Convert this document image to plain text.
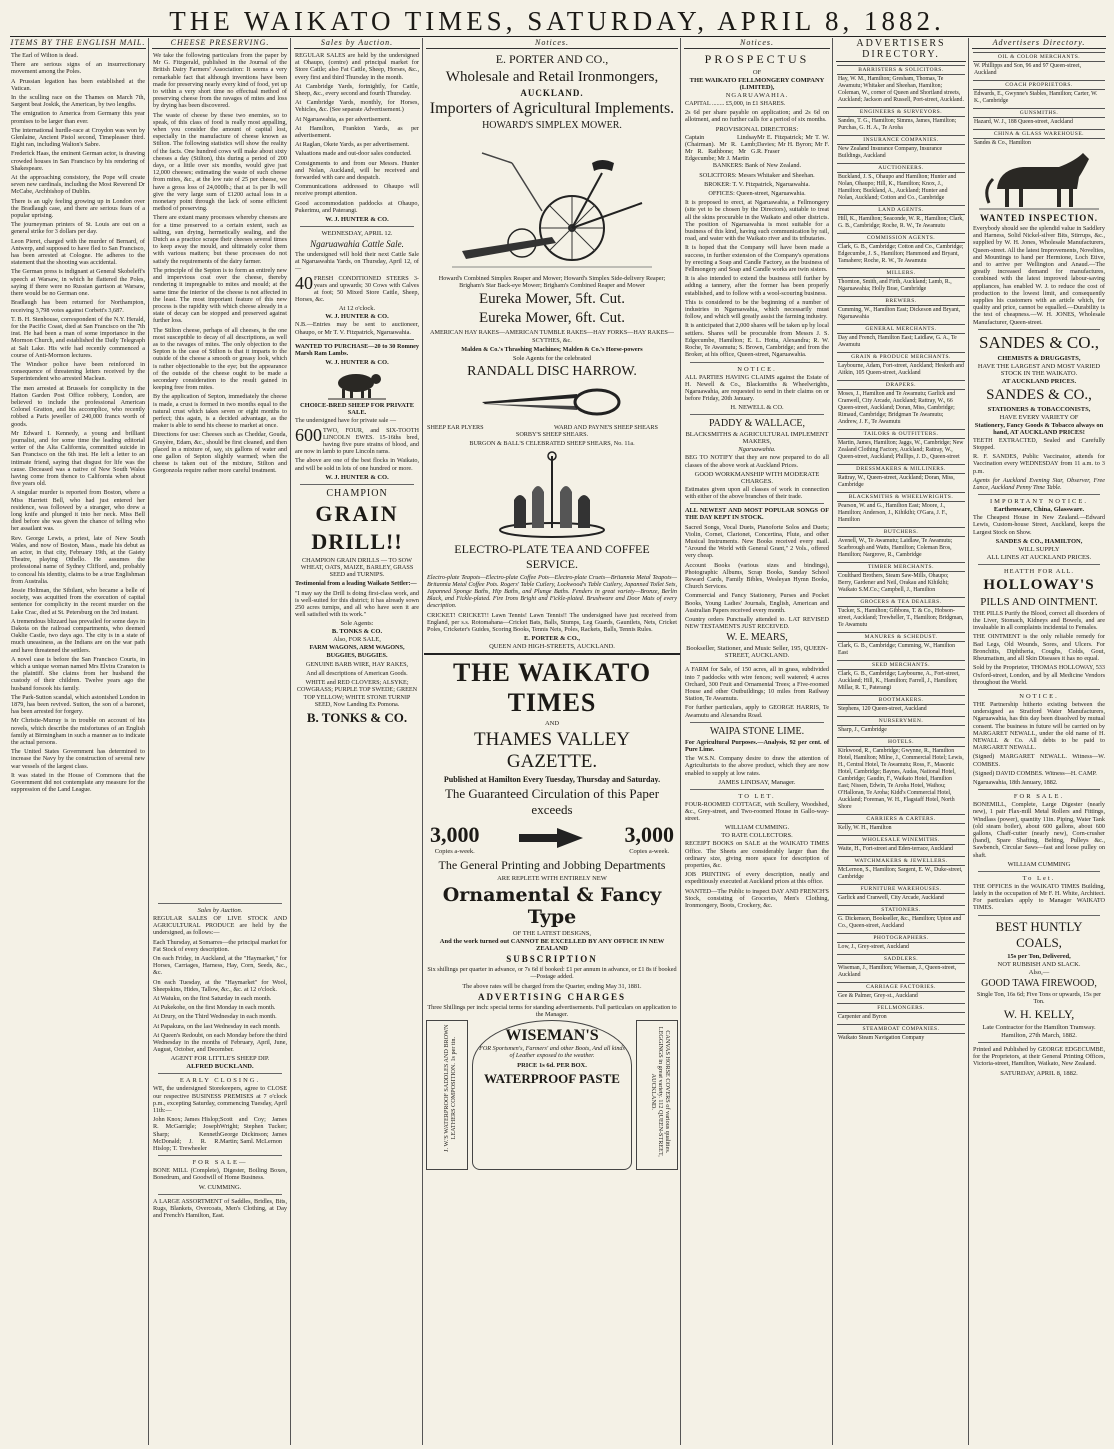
THE WAIKATO TIMES, SATURDAY, APRIL 8, 1882.
ITEMS BY THE ENGLISH MAIL.

The Earl of Wilton is dead.

There are serious signs of an insurrectionary movement among the Poles.

A Prussian legation has been established at the Vatican.

In the sculling race on the Thames on March 7th, Sargent beat Joskik, the American, by two lengths.

The emigration to America from Germany this year promises to be larger than ever.

The international hurdle-race at Croydon was won by Glenlaine, Ancient Pistol second, Timepleaser third. Eight ran, including Walton's Sabre.

Frederick Haas, the eminent German actor, is drawing crowded houses in San Francisco by his rendering of Shakespeare.

At the approaching consistory, the Pope will create seven new cardinals, including the Most Reverend Dr McCabe, Archbishop of Dublin.

There is an ugly feeling growing up in London over the Bradlaugh case, and there are serious fears of a popular uprising.

The journeyman printers of St. Louis are out on a general strike for 3 dollars per day.

Leon Pieret, charged with the murder of Bernard, of Antwerp, and supposed to have fled to San Francisco, has been arrested at Cologne. He adheres to the statement that the shooting was accidental.

The German press is indignant at General Skobeleff's speech at Warsaw, in which he flattered the Poles, saying if there were no Russian garrison at Warsaw, there would be no German one.

Bradlaugh has been returned for Northampton, receiving 3,798 votes against Corbett's 3,687.

T. B. H. Stenhouse, correspondent of the N.Y. Herald, for the Pacific Coast, died at San Francisco on the 7th inst. He had been a man of some importance in the Mormon Church, and established the Daily Telegraph at Salt Lake. His wife had recently commenced a course of Anti-Mormon lectures.

The Windsor police have been reinforced in consequence of threatening letters received by the Superintendent who arrested Maclean.

The men arrested at Brussels for complicity in the Hatton Garden Post Office robbery, London, are believed to include the professional American Colonel Gratton, and his accomplice, who recently robbed a Paris jeweller of 240,000 francs worth of goods.

Mr Edward I. Kennedy, a young and brilliant journalist, and for some time the leading editorial writer of the Alta California, committed suicide in San Francisco on the 6th inst. He left a letter to an intimate friend, saying that disgust for life was the cause. Deceased was a native of New South Wales having come from thence to California when about five years old.

A singular murder is reported from Boston, where a Miss Harriett Bell, who had just entered her residence, was followed by a stranger, who drew a long knife and plunged it into her neck. Miss Bell died before she was given the chance of telling who her assailant was.

Rev. George Lewis, a priest, late of New South Wales, and now of Boston, Mass., made his debut as an actor, in that city, February 19th, at the Gaiety Theatre, playing Othello. He assumes the professional name of Sydney Clifford, and, probably to conceal his identity, claims to be a true Englishman from Australia.

Jessie Holtman, the Sibilant, who became a belle of society, was acquitted from the execution of capital sentence for complicity in the recent murder on the Lake Crac, died at St. Petersburg on the 3rd instant.

A tremendous blizzard has prevailed for some days in Dakota on the railroad compartments, who deemed Oaklie Castle, two days ago. The city is in a state of much uneasiness, as the Indians are on the war path and have threatened the settlers.

A novel case is before the San Francisco Courts, in which a unique woman named Mrs Elvira Cranston is the plaintiff. She claims from her husband the custody of their children. Twelve years ago the husband forsook his family.

The Park-Sutton scandal, which astonished London in 1879, has been revived. Sutton, the son of a baronet, has been arrested for forgery.

Mr Christie-Murray is in trouble on account of his novels, which describe the misfortunes of an English family at Birmingham in such a manner as to indicate the actual persons.

The United States Government has determined to increase the Navy by the construction of several new war vessels of the largest class.

It was stated in the House of Commons that the Government did not contemplate any measure for the suppression of the Land League.

CHEESE PRESERVING.

We take the following particulars from the paper by Mr G. Fitzgerald, published in the Journal of the British Dairy Farmers' Association: It seems a very remarkable fact that although inventions have been made for preserving nearly every kind of food, yet up to within a very short time no effectual method of preserving cheese from the ravages of mites and loss by drying has been discovered.

The waste of cheese by these two enemies, so to speak, of this class of food is really most appalling, when you consider the amount of capital lost, especially in the manufacture of cheese known as Stilton. The following statistics will show the reality of the facts. One hundred cows will make about sixty cheeses a day (Stilton), this during a period of 200 days, or a little over six months, would give just 12,000 cheeses; estimating the waste of such cheese from mites, &c., at the low rate of 25 per cheese, we have a gross loss of 24,000lb.; that at 1s per lb will give the very large sum of £1200 actual loss in a monetary point through the lack of some efficient method of preserving.

There are extant many processes whereby cheeses are for a time preserved to a certain extent, such as salting, sun drying, hermetically sealing, and the Dutch as a practice scrape their cheeses several times to keep away the mould, and ultimately color them with various matters; but these processes do not satisfy the requirements of the dairy farmer.

The principle of the Septon is to form an entirely new and impervious coat over the cheese, thereby rendering it impregnable to mites and mould; at the same time the interior of the cheese is not affected in the least. The most important feature of this new process is the rapidity with which cheese already in a state of decay can be stopped and preserved against further loss.

The Stilton cheese, perhaps of all cheeses, is the one most susceptible to decay of all descriptions, as well as to the ravages of mites. The only objection to the Septon is the case of Stilton is that it imparts to the outside of the cheese a smooth or greasy look, which is rather objectionable to the eye; but the appearance of the outside of the cheese ought to be made a secondary consideration to the result gained in keeping free from mites.

By the application of Septon, immediately the cheese is made, a crust is formed in two months equal to the natural crust which takes seven or eight months to perfect; this again, is a decided advantage, as the maker is able to send his cheese to market at once.

Directions for use: Cheeses such as Cheddar, Gouda, Gruyère, Edam, &c., should be first cleaned, and then placed in a mixture of, say, six gallons of water and one gallon of Septon slightly warmed; when the cheese is taken out of the mixture, Stilton and Gorgonzola require rather more careful treatment.

Sales by Auction.

REGULAR SALES are held by the undersigned at Ohaupo, (centre) and principal market for Store Cattle; also Fat Cattle, Sheep, Horses, &c., every first and third Thursday in the month.

At Cambridge Yards, fortnightly, for Cattle, Sheep, &c., every second and fourth Thursday.

At Cambridge Yards, monthly, for Horses, Vehicles, &c. (See separate Advertisement.)

At Ngaruawahia, as per advertisement.

At Hamilton, Frankton Yards, as per advertisement.

At Raglan, Okete Yards, as per advertisement.

Valuations made and out-door sales conducted.

Consignments to and from our Messrs. Hunter and Nolan, Auckland, will be received and forwarded with care and despatch.

Communications addressed to Ohaupo will receive prompt attention.

Good accommodation paddocks at Ohaupo, Pukerimu, and Paterangi.

W. J. HUNTER & CO.
WEDNESDAY, APRIL 12.
Ngaruawahia Cattle Sale.

The undersigned will hold their next Cattle Sale at Ngaruawahia Yards, on Thursday, April 12, of —

40 FRESH CONDITIONED STEERS 3-years and upwards; 30 Cows with Calves at foot; 50 Mixed Store Cattle, Sheep, Horses, &c.
At 12 o'clock.
W. J. HUNTER & CO.

N.B.—Entries may be sent to auctioneer, Ohaupo, or Mr T. V. Fitzpatrick, Ngaruawahia.

WANTED TO PURCHASE—20 to 30 Romney Marsh Ram Lambs.

W. J. HUNTER & CO.
CHOICE-BRED SHEEP FOR PRIVATE SALE.

The undersigned have for private sale —

600 TWO, FOUR, and SIX-TOOTH LINCOLN EWES. 15-16ths bred, having five pure strains of blood, and are now in lamb to pure Lincoln rams.

The above are one of the best flocks in Waikato, and will be sold in lots of one hundred or more.

W. J. HUNTER & CO.
CHAMPION
GRAIN
DRILL!!

CHAMPION GRAIN DRILLS — TO SOW WHEAT, OATS, MAIZE, BARLEY, GRASS SEED and TURNIPS.

Testimonial from a leading Waikato Settler:—

"I may say the Drill is doing first-class work, and is well-suited for this district; it has already sown 250 acres turnips, and all who have seen it are well satisfied with its work."

Sole Agents:
B. TONKS & CO.
Also, FOR SALE,

FARM WAGONS, ARM WAGONS, BUGGIES, BUGGIES.

GENUINE BARB WIRE, HAY RAKES,

And all descriptions of American Goods.

WHITE and RED CLOVERS; ALSYKE; COWGRASS; PURPLE TOP SWEDE; GREEN TOP YELLOW; WHITE STONE TURNIP SEED, Now Landing Ex Pomona.

B. TONKS & CO.
Sales by Auction.

REGULAR SALES OF LIVE STOCK AND AGRICULTURAL PRODUCE are held by the undersigned, as follows:—

Each Thursday, at Somarres—the principal market for Fat Stock of every description.

On each Friday, in Auckland, at the "Haymarket," for Horses, Carriages, Harness, Hay, Corn, Seeds, &c., &c.

On each Tuesday, at the "Haymarket" for Wool, Sheepskins, Hides, Tallow, &c., &c. at 12 o'clock.

At Waiuku, on the first Saturday in each month.

At Pukekohe, on the first Monday in each month.

At Drury, on the Third Wednesday in each month.

At Papakura, on the last Wednesday in each month.

At Queen's Redoubt, on each Monday before the third Wednesday in the months of February, April, June, August, October, and December.

AGENT FOR LITTLE'S SHEEP DIP.
ALFRED BUCKLAND.
EARLY CLOSING.

WE, the undersigned Storekeepers, agree to CLOSE our respective BUSINESS PREMISES at 7 o'clock p.m., excepting Saturday, commencing Tuesday, April 11th:—

John Knox; James Hislop; R. McGarrigle; Joseph Sharp; Kenneth McDonald; J. R. R. Hislop; T. Trewheeler
Scott and Coy; James Wright; Stephen Tucker; George Dickinson; James Martin; Saml. McLernon
FOR SALE—

BONE MILL (Complete), Digester, Boiling Boxes, Bonedrum, and Goodwill of Home Business.

W. CUMMING.

A LARGE ASSORTMENT of Saddles, Bridles, Bits, Rugs, Blankets, Overcoats, Men's Clothing, at Day and French's Hamilton, East.

Notices.
E. PORTER AND CO.,
Wholesale and Retail Ironmongers,
AUCKLAND.
Importers of Agricultural Implements.
HOWARD'S SIMPLEX MOWER.

Howard's Combined Simplex Reaper and Mower; Howard's Simplex Side-delivery Reaper; Brigham's Star Back-eye Mower; Brigham's Combined Reaper and Mower

Eureka Mower, 5ft. Cut.
Eureka Mower, 6ft. Cut.

AMERICAN HAY RAKES—AMERICAN TUMBLE RAKES—HAY FORKS—HAY RAKES—SCYTHES, &c.

Malden & Co.'s Thrashing Machines; Malden & Co.'s Horse-powers

Sole Agents for the celebrated
RANDALL DISC HARROW.
SHEEP EAR PLYERS	WARD AND PAYNE'S SHEEP SHEARS

SORBY'S SHEEP SHEARS.

BURGON & BALL'S CELEBRATED SHEEP SHEARS, No. 11a.

ELECTRO-PLATE TEA AND COFFEE SERVICE.

Electro-plate Teapots—Electro-plate Coffee Pots—Electro-plate Cruets—Britannia Metal Teapots—Britannia Metal Coffee Pots. Rogers' Table Cutlery, Lockwood's Table Cutlery, Japanned Toilet Sets, Japanned Sponge Baths, Hip Baths, and Plunge Baths. Fenders in great variety—Bronze, Berlin Black, and Fickle-plated. Fire Irons Bright and Fickle-plated. Brushware and Door Mats of every description.

CRICKET! CRICKET!! Lawn Tennis! Lawn Tennis!! The undersigned have just received from England, per s.s. Rotomahana—Cricket Bats, Balls, Stumps, Leg Guards, Gauntlets, Nets, Cricket Poles, Cricketer's Guides, Scoring Books, Tennis Nets, Poles, Rackets, Balls, Tennis Rules.

E. PORTER & CO.,
QUEEN AND HIGH-STREETS, AUCKLAND.
THE WAIKATO TIMES
AND
THAMES VALLEY GAZETTE.
Published at Hamilton Every Tuesday, Thursday and Saturday.
The Guaranteed Circulation of this Paper exceeds
3,000
Copies a-week.
3,000
Copies a-week.
The General Printing and Jobbing Departments
ARE REPLETE WITH ENTIRELY NEW
Ornamental & Fancy Type
OF THE LATEST DESIGNS,
And the work turned out CANNOT BE EXCELLED BY ANY OFFICE IN NEW ZEALAND
SUBSCRIPTION

Six shillings per quarter in advance, or 7s 6d if booked: £1 per annum in advance, or £1 8s if booked—Postage added.

The above rates will be charged from the Quarter, ending May 31, 1881.

ADVERTISING CHARGES

Three Shillings per inch: special terms for standing advertisements. Full particulars on application to the Manager.

J. W.'S WATERPROOF SADDLES AND BROWN LEATHERS COMPOSITION. 1s per tin.
WISEMAN'S

FOR Sportsmen's, Farmers' and other Boots, And all kinds of Leather exposed to the weather.

PRICE 1s 6d. PER BOX.
WATERPROOF PASTE	CANVAS HORSE COVERS of various qualities. LEGGINGS in great variety. 112 QUEEN-STREET, AUCKLAND.
Notices.
PROSPECTUS
OF
THE WAIKATO FELLMONGERY COMPANY (LIMITED),
NGARUAWAHIA.

CAPITAL ........ £5,000, in £1 SHARES.

2s 6d per share payable on application; and 2s 6d on allotment, and no further calls for a period of six months.

PROVISIONAL DIRECTORS:
Captain Lindsay (Chairman). Mr R. Lamb; Mr R. Rathbone; Mr G. Edgecumbe; Mr J. Martin
Mr E. Fitzpatrick; Mr T. W. Davies; Mr H. Byron; Mr F. R. Fraser

BANKERS: Bank of New Zealand.

SOLICITORS: Messrs Whitaker and Sheehan.

BROKER: T. V. Fitzpatrick, Ngaruawahia.

OFFICES: Queen-street, Ngaruawahia.

It is proposed to erect, at Ngaruawahia, a Fellmongery (site yet to be chosen by the Directors), suitable to treat all the skins procurable in the Waikato and other districts. The position of Ngaruawahia is most suitable for a business of this kind, having such communication by rail, road, and water with the Waikato river and its tributaries.

It is hoped that the Company will have been made a success, in further extension of the Company's operations by erecting a Soap and Candle Factory, as the business of Fellmongery and Soap and Candle works are twin sisters.

It is also intended to extend the business still further by adding a tannery, after the former has been properly established, and to follow with a wool-scouring business.

This is considered to be the beginning of a number of industries in Ngaruawahia, which necessarily must follow, and which will greatly assist the farming industry.

It is anticipated that 2,000 shares will be taken up by local settlers. Shares will be procurable from Messrs J. S. Edgecumbe, Hamilton; E. L. Hotta, Alexandra; R. W. Roche, Te Awamutu; S. Brown, Cambridge; and from the Broker, at his office, Queen-street, Ngaruawahia.

NOTICE.

ALL PARTIES HAVING CLAIMS against the Estate of H. Newell & Co., Blacksmiths & Wheelwrights, Ngaruawahia, are requested to send in their claims on or before Friday, 20th January.

H. NEWELL & CO.
PADDY & WALLACE,
BLACKSMITHS & AGRICULTURAL IMPLEMENT MAKERS,
Ngaruawahia.

BEG TO NOTIFY that they are now prepared to do all classes of the above work at Auckland Prices.

GOOD WORKMANSHIP WITH MODERATE CHARGES.

Estimates given upon all classes of work in connection with either of the above branches of their trade.

ALL NEWEST AND MOST POPULAR SONGS OF THE DAY KEPT IN STOCK.

Sacred Songs, Vocal Duets, Pianoforte Solos and Duets; Violin, Cornet, Clarionet, Concertina, Flute, and other Musical Instruments. New Books received every mail. "Around the World with General Grant," 2 Vols., offered very cheap.

Account Books (various sizes and bindings), Photographic Albums, Scrap Books, Sunday School Reward Cards, Family Bibles, Wesleyan Hymn Books, Church Services.

Commercial and Fancy Stationery, Purses and Pocket Books, Young Ladies' Journals, English, American and Australian Papers received every month.

Country orders Punctually attended to. LAT REVISED NEW TESTAMENTS JUST RECEIVED.

W. E. MEARS,
Bookseller, Stationer, and Music Seller, 195, QUEEN-STREET, AUCKLAND.

A FARM for Sale, of 150 acres, all in grass, subdivided into 7 paddocks with wire fences; well watered; 4 acres Orchard, 300 Fruit and Ornamental Trees; a Five-roomed House and other Outbuildings; 10 miles from Railway Station, Te Awamutu.

For further particulars, apply to GEORGE HARRIS, Te Awamutu and Alexandra Road.

WAIPA STONE LIME.

For Agricultural Purposes.—Analysis, 92 per cent. of Pure Lime.

The W.S.N. Company desire to draw the attention of Agriculturists to the above product, which they are now enabled to supply at low rates.

JAMES LINDSAY, Manager.
TO LET.

FOUR-ROOMED COTTAGE, with Scullery, Woodshed, &c., Grey-street, and Two-roomed House in Gallo-way-street.

WILLIAM CUMMING.
TO RATE COLLECTORS.

RECEIPT BOOKS on SALE at the WAIKATO TIMES Office. The Sheets are considerably larger than the ordinary size, giving more space for description of properties, &c.

JOB PRINTING of every description, neatly and expeditiously executed at Auckland prices at this office.

WANTED—The Public to inspect DAY AND FRENCH'S Stock, consisting of Groceries, Men's Clothing, Ironmongery, Boots, Crockery, &c.

ADVERTISERS DIRECTORY.
BARRISTERS & SOLICITORS.
Hay, W. M., Hamilton; Gresham, Thomas, Te Awamutu; Whitaker and Sheehan, Hamilton; Coleman, W., corner of Queen and Shortland streets, Auckland; Jackson and Russell, Port-street, Auckland.
ENGINEERS & SURVEYORS.
Sandes, T. G., Hamilton; Simms, James, Hamilton; Purchas, G. H. A., Te Aroha
INSURANCE COMPANIES.
New Zealand Insurance Company, Insurance Buildings, Auckland
AUCTIONEERS.
Buckland, J. S., Ohaupo and Hamilton; Hunter and Nolan, Ohaupo; Hill, K., Hamilton; Knox, J., Hamilton; Buckland, A., Auckland; Hunter and Nolan, Auckland; Cotton and Co., Cambridge
LAND AGENTS.
Hill, K., Hamilton; Seaconde, W. R., Hamilton; Clark, G. B., Cambridge; Roche, R. W., Te Awamutu
COMMISSION AGENTS.
Clark, G. B., Cambridge; Cotton and Co., Cambridge; Edgecumbe, J. S., Hamilton; Hammond and Bryant, Tamahere; Roche, R. W., Te Awamutu
MILLERS.
Thornton, Smith, and Firth, Auckland; Lamb, R., Ngaruawahia; Holly Brae, Cambridge
BREWERS.
Cumming, W., Hamilton East; Dickeson and Bryant, Ngaruawahia
GENERAL MERCHANTS.
Day and French, Hamilton East; Laidlaw, G. A., Te Awamutu
GRAIN & PRODUCE MERCHANTS.
Laybourne, Adam, Fort-street, Auckland; Hesketh and Aitkin, 105 Queen-street, Auckland
DRAPERS.
Moses, J., Hamilton and Te Awamutu; Garlick and Cranwell, City Arcade, Auckland; Rattray, W., 66 Queen-street, Auckland; Doran, Miss, Cambridge; Rimaud, Cambridge; Bridgman Te Awamutu; Andrew, J. F., Te Awamutu
TAILORS & OUTFITTERS.
Martin, James, Hamilton; Jaggs, W., Cambridge; New Zealand Clothing Factory, Auckland; Rattray, W., Queen-street, Auckland; Phillips, J. D., Queen-street
DRESSMAKERS & MILLINERS.
Rattray, W., Queen-street, Auckland; Doran, Miss, Cambridge
BLACKSMITHS & WHEELWRIGHTS.
Pearson, W. and G., Hamilton East; Moore, J., Hamilton; Anderson, J., Kihikihi; O'Gara, J. F., Hamilton
BUTCHERS.
Avenell, W., Te Awamutu; Laidlaw, Te Awamutu; Scarbrough and Watts, Hamilton; Coleman Bros, Hamilton; Nargrove, R., Cambridge
TIMBER MERCHANTS.
Coulthard Brothers, Steam Saw-Mills, Ohaupo; Berry, Gardener and Neil, Orakau and Kihikihi; Waikato S.M.Co.; Campbell, J., Hamilton
GROCERS & TEA DEALERS.
Tucker, S., Hamilton; Gibbons, T. & Co., Hobson-street, Auckland; Trewheller, T., Hamilton; Bridgman, Te Awamutu
MANURES & SCHEDUST.
Clark, G. B., Cambridge; Cumming, W., Hamilton East
SEED MERCHANTS.
Clark, G. B., Cambridge; Laybourne, A., Fort-street, Auckland; Hill, K., Hamilton; Farrell, J., Hamilton; Millar, R. T., Paterangi
BOOTMAKERS.
Stephens, 120 Queen-street, Auckland
NURSERYMEN.
Sharp, J., Cambridge
HOTELS.
Kirkwood, R., Cambridge; Gwynne, R., Hamilton Hotel, Hamilton; Milne, J., Commercial Hotel; Lewis, H., Central Hotel, Te Awamutu; Ross, F., Masonic Hotel, Cambridge; Baynes, Audas, National Hotel, Cambridge; Gaudin, F., Waikato Hotel, Hamilton East; Nissen, Edwin, Te Aroha Hotel, Waihou; O'Halloran, Te Aroha; Kidd's Commercial Hotel, Auckland; Foreman, W. H., Flagstaff Hotel, North Shore
CARRIERS & CARTERS.
Kelly, W. H., Hamilton
WHOLESALE WINEMITHS.
Waite, H., Fort-street and Eden-terrace, Auckland
WATCHMAKERS & JEWELLERS.
McLernon, S., Hamilton; Sargent, E. W., Duke-street, Cambridge
FURNITURE WAREHOUSES.
Garlick and Cranwell, City Arcade, Auckland
STATIONERS.
G. Dickenson, Bookseller, &c., Hamilton; Upton and Co., Queen-street, Auckland
PHOTOGRAPHERS.
Low, J., Grey-street, Auckland
SADDLERS.
Wiseman, J., Hamilton; Wiseman, J., Queen-street, Auckland
CARRIAGE FACTORIES.
Gee & Palmer, Grey-st., Auckland
FELLMONGERS.
Carpenter and Byron
STEAMBOAT COMPANIES.
Waikato Steam Navigation Company
Advertisers Directory.
OIL & COLOR MERCHANTS.
W. Phillipps and Son, 96 and 97 Queen-street, Auckland
COACH PROPRIETORS.
Edwards, E., Gwynne's Stables, Hamilton; Carter, W. K., Cambridge
GUNSMITHS.
Hazard, W. J., 188 Queen-street, Auckland
CHINA & GLASS WAREHOUSE.
Sandes & Co., Hamilton
WANTED INSPECTION.

Everybody should see the splendid value in Saddlery and Harness, Solid Nickel-silver Bits, Stirrups, &c., supplied by W. H. Jones, Wholesale Manufacturers, Queen-street. All the latest Improvements, Novelties, and Mountings to hand per Hermione, Loch Etive, and to arrive per Wellington and Anaud.—The greatly increased demand for manufactures, combined with the latest improved labour-saving appliances, has enabled W. J. to reduce the cost of production to the lowest limit, and consequently supplies his customers with an article which, for quality and price, cannot be equalled.—Durability is the test of cheapness.—W. H. JONES, Wholesale Manufacturer, Queen-street.

SANDES & CO.,
CHEMISTS & DRUGGISTS,
HAVE THE LARGEST AND MOST VARIED STOCK IN THE WAIKATO.
AT AUCKLAND PRICES.
SANDES & CO.,
STATIONERS & TOBACCONISTS,
HAVE EVERY VARIETY OF
Stationery, Fancy Goods & Tobacco always on hand, AT AUCKLAND PRICES!

TEETH EXTRACTED, Sealed and Carefully Stopped.

R. F. SANDES, Public Vaccinator, attends for Vaccination every WEDNESDAY from 11 a.m. to 3 p.m.

Agents for Auckland Evening Star, Observer, Free Lance, Auckland Penny Time Table.

IMPORTANT NOTICE.
Earthenware, China, Glassware.

The Cheapest House in New Zealand.—Edward Lewis, Custom-house Street, Auckland, keeps the Largest Stock on Show.

SANDES & CO., HAMILTON,
WILL SUPPLY
ALL LINES AT AUCKLAND PRICES.
HEATTH FOR ALL.
HOLLOWAY'S
PILLS AND OINTMENT.

THE PILLS Purify the Blood, correct all disorders of the Liver, Stomach, Kidneys and Bowels, and are invaluable in all complaints incidental to Females.

THE OINTMENT is the only reliable remedy for Bad Legs, Old Wounds, Sores, and Ulcers. For Bronchitis, Diphtheria, Coughs, Colds, Gout, Rheumatism, and all Skin Diseases it has no equal.

Sold by the Proprietor, THOMAS HOLLOWAY, 533 Oxford-street, London, and by all Medicine Vendors throughout the World.

NOTICE.

THE Partnership hitherto existing between the undersigned as Stratford Water Manufacturers, Ngaruawahia, has this day been dissolved by mutual consent. The business in future will be carried on by MARGARET NEWALL, under the old name of H. NEWALL & Co. All debts to be paid to MARGARET NEWALL.

(Signed) MARGARET NEWALL. Witness—W. COMBES.

(Signed) DAVID COMBES. Witness—H. CAMP.

Ngaruawahia, 18th January, 1882.

FOR SALE.

BONEMILL, Complete, Large Digester (nearly new), 1 pair Flax-mill Metal Rollers and Fittings, Windlass (power), quantity 11in. Piping, Water Tank (old steam boiler), about 600 gallons, about 600 gallons, Chaff-cutter (nearly new), Corn-crusher (hand), Spare Shafting, Belting, Pulleys &c., Sawbench, Circular Saws—fast and loose pulley on shaft.

WILLIAM CUMMING
To Let.

THE OFFICES in the WAIKATO TIMES Building, lately in the occupation of Mr F. H. White, Architect. For particulars apply to Manager WAIKATO TIMES.

BEST HUNTLY COALS,
15s per Ton, Delivered,
NOT RUBBISH AND SLACK.
Also,—
GOOD TAWA FIREWOOD,

Single Ton, 16s 6d; Five Tons or upwards, 15s per Ton.

W. H. KELLY,
Late Contractor for the Hamilton Tramway.
Hamilton, 27th March, 1882.

Printed and Published by GEORGE EDGECUMBE, for the Proprietors, at their General Printing Offices, Victoria-street, Hamilton, Waikato, New Zealand.

SATURDAY, APRIL 8, 1882.
